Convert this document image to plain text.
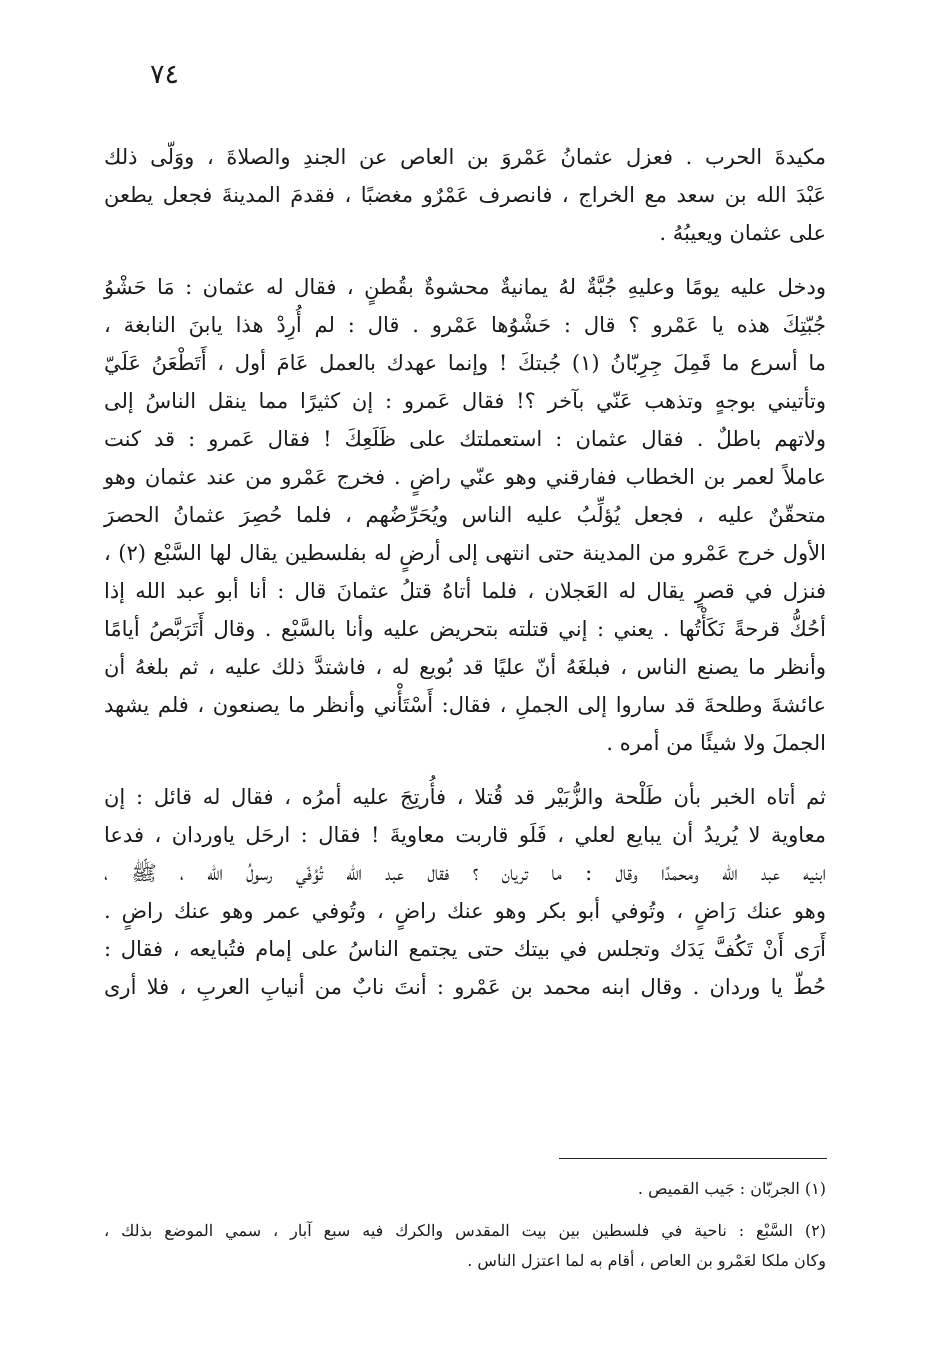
٧٤
مكيدةَ الحرب . فعزل عثمانُ عَمْروَ بن العاص عن الجندِ والصلاةَ ، ووَلّى ذلك
عَبْدَ الله بن سعد مع الخراج ، فانصرف عَمْرٌو مغضبًا ، فقدمَ المدينةَ فجعل يطعن
على عثمان ويعيبُهُ .
ودخل عليه يومًا وعليهِ جُبَّةٌ لهُ يمانيةٌ محشوةٌ بقُطنٍ ، فقال له عثمان : مَا حَشْوُ
جُبّتِكَ هذه يا عَمْرو ؟ قال : حَشْوُها عَمْرو . قال : لم أُرِدْ هذا يابنَ النابغة ،
ما أسرع ما قَمِلَ جِرِبّانُ (١) جُبتكَ ! وإنما عهدك بالعمل عَامَ أول ، أَتَطْعَنُ عَلَيّ
وتأتيني بوجهٍ وتذهب عَنّي بآخر ؟! فقال عَمرو : إن كثيرًا مما ينقل الناسُ إلى
ولاتهم باطلٌ . فقال عثمان : استعملتك على ظَلَعِكَ ! فقال عَمرو : قد كنت
عاملاً لعمر بن الخطاب ففارقني وهو عنّي راضٍ . فخرج عَمْرو من عند عثمان وهو
متحقّنٌ عليه ، فجعل يُؤلِّبُ عليه الناس ويُحَرِّضُهم ، فلما حُصِرَ عثمانُ الحصرَ
الأول خرج عَمْرو من المدينة حتى انتهى إلى أرضٍ له بفلسطين يقال لها السَّبْع (٢) ،
فنزل في قصرٍ يقال له العَجلان ، فلما أتاهُ قتلُ عثمانَ قال : أنا أبو عبد الله إذا
أحُكُّ قرحةً نَكَأْتُها . يعني : إني قتلته بتحريض عليه وأنا بالسَّبْع . وقال أَتَرَبَّصُ أيامًا
وأنظر ما يصنع الناس ، فبلغَهُ أنّ عليًا قد بُويع له ، فاشتدَّ ذلك عليه ، ثم بلغهُ أن
عائشةَ وطلحةَ قد ساروا إلى الجملِ ، فقال: أَسْتَأْني وأنظر ما يصنعون ، فلم يشهد
الجملَ ولا شيئًا من أمره .
ثم أتاه الخبر بأن طَلْحة والزُّبَيْر قد قُتلا ، فأُرتِجَ عليه أمرُه ، فقال له قائل : إن
معاوية لا يُريدُ أن يبايع لعلي ، فَلَو قاربت معاويةَ ! فقال : ارحَل ياوردان ، فدعا
ابنيه عبد الله ومحمدًا وقال : ما تريان ؟ فقال عبد الله تُوُفّي رسولُ الله ، ﷺ ،
وهو عنك رَاضٍ ، وتُوفي أبو بكر وهو عنك راضٍ ، وتُوفي عمر وهو عنك راضٍ .
أَرَى أَنْ تَكُفَّ يَدَك وتجلس في بيتك حتى يجتمع الناسُ على إمام فتُبايعه ، فقال :
حُطّ يا وردان . وقال ابنه محمد بن عَمْرو : أنتَ نابٌ من أنيابِ العربِ ، فلا أرى
(١) الجربّان : جَيب القميص .
(٢) السَّبْع : ناحية في فلسطين بين بيت المقدس والكرك فيه سبع آبار ، سمي الموضع بذلك ،
وكان ملكا لعَمْرو بن العاص ، أقام به لما اعتزل الناس .
